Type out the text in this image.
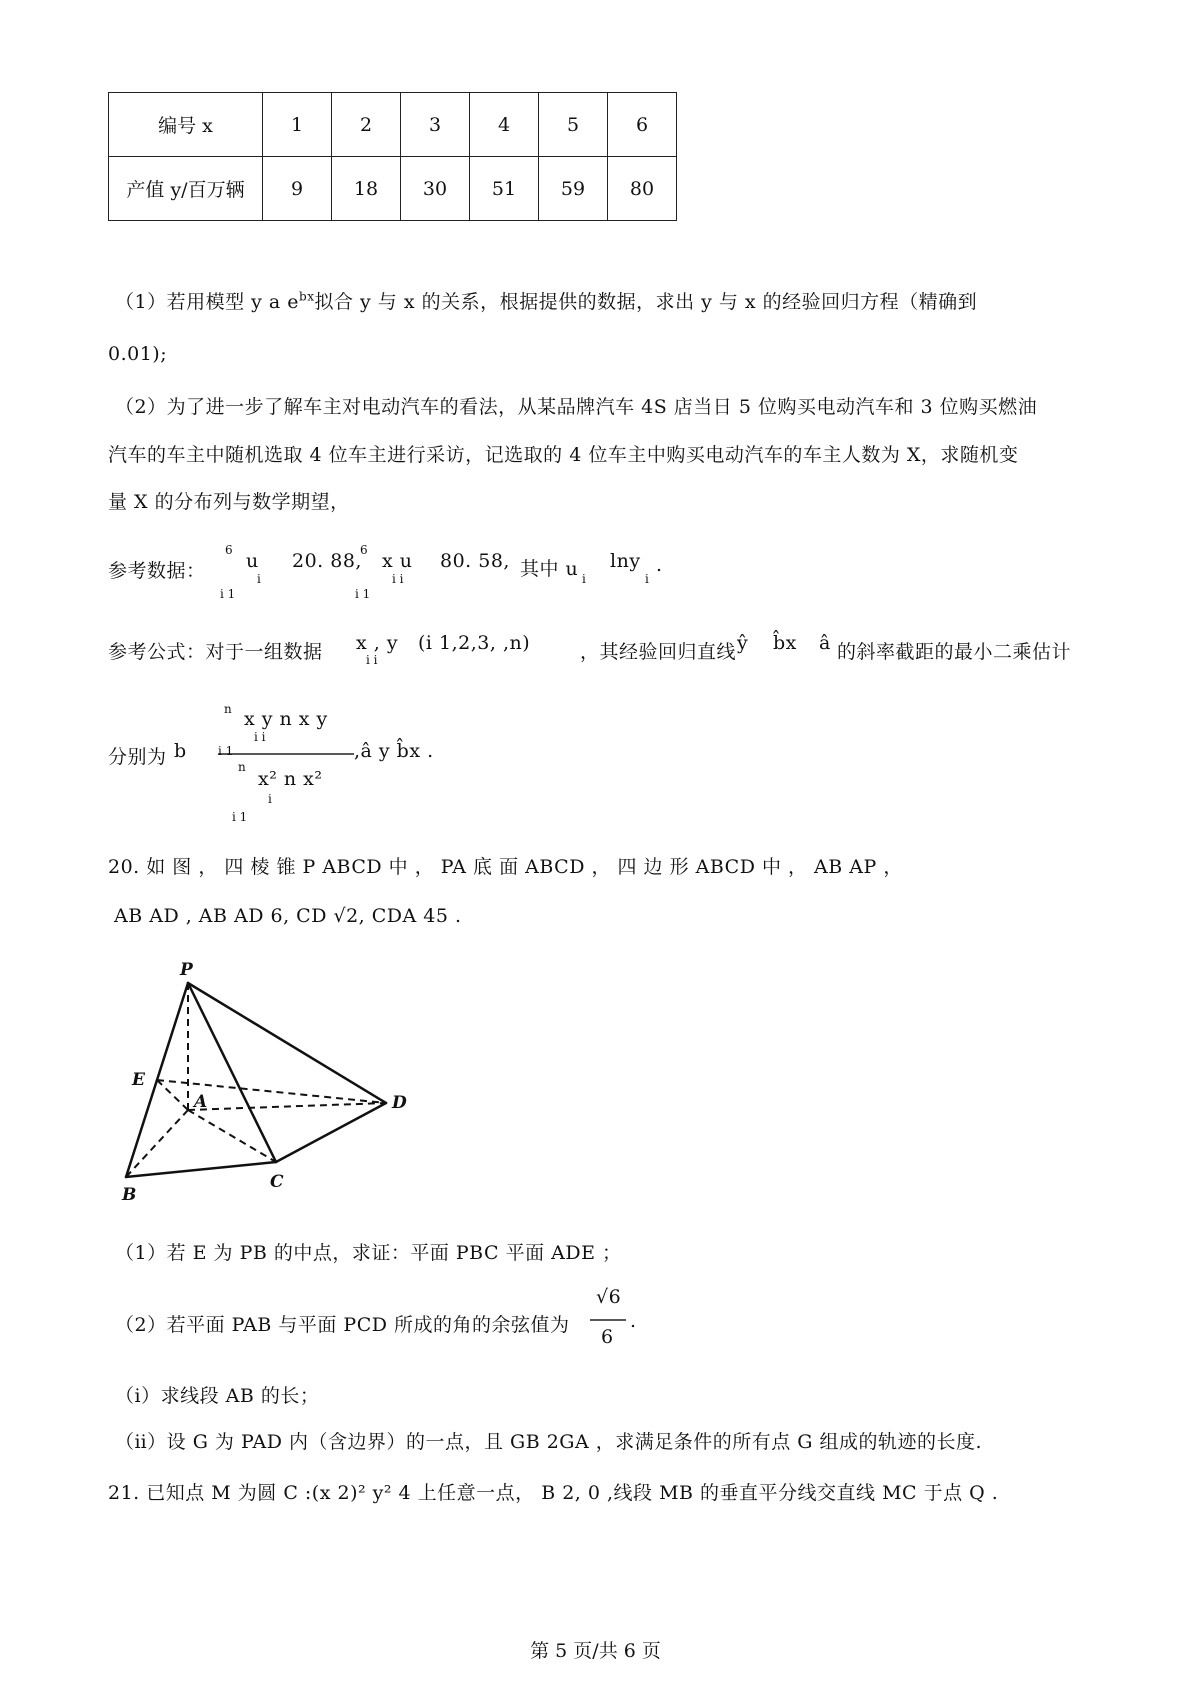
编号 x	1	2	3	4	5	6
产值 y/百万辆	9	18	30	51	59	80
（1）若用模型 y a $e^{bx}$拟合 y 与 x 的关系，根据提供的数据，求出 y 与 x 的经验回归方程（精确到
0.01);
（2）为了进一步了解车主对电动汽车的看法，从某品牌汽车 4S 店当日 5 位购买电动汽车和 3 位购买燃油
汽车的车主中随机选取 4 位车主进行采访，记选取的 4 位车主中购买电动汽车的车主人数为 X，求随机变
量 X 的分布列与数学期望，
参考数据：
6 u
i
i 1
20. 88,
6 x u
i i
i 1
80. 58, 其中 u i
lny
i
.
参考公式：对于一组数据 x , y
i i
(i 1,2,3, ,n)	，其经验回归直线 ŷ b̂x â 的斜率截距的最小二乘估计
分别为 b
n x y n x y
i i
i 1
n
x² n x²
i
i 1
,â y b̂x .
20. 如 图 ， 四 棱 锥 P ABCD 中 ， PA 底 面 ABCD ， 四 边 形 ABCD 中 ， AB AP ，
AB AD , AB AD 6, CD √2, CDA 45 .
P
E
A	D
B
C
（1）若 E 为 PB 的中点，求证：平面 PBC 平面 ADE ；
（2）若平面 PAB 与平面 PCD 所成的角的余弦值为
√6
6
.
（ⅰ）求线段 AB 的长；
（ⅱ）设 G 为 PAD 内（含边界）的一点，且 GB 2GA ，求满足条件的所有点 G 组成的轨迹的长度.
21. 已知点 M 为圆 C :(x 2)² y² 4 上任意一点， B 2, 0 ,线段 MB 的垂直平分线交直线 MC 于点 Q .
第 5 页/共 6 页
